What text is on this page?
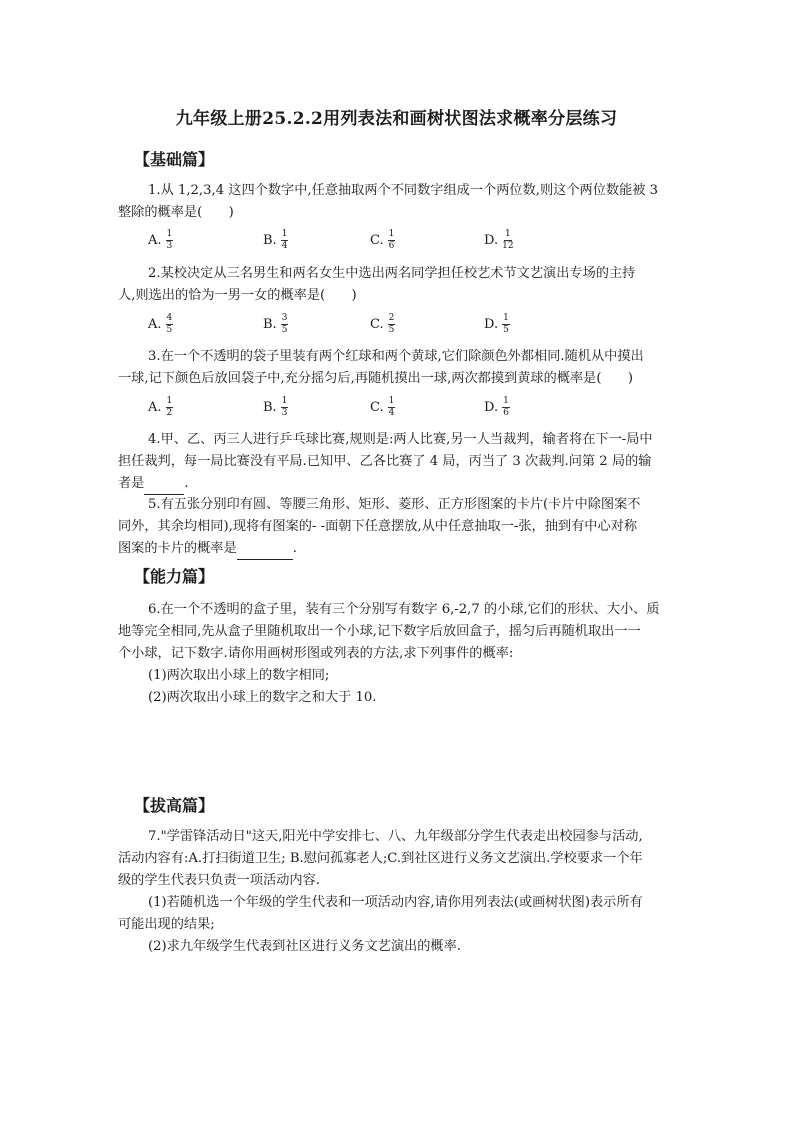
九年级上册25.2.2用列表法和画树状图法求概率分层练习
【基础篇】
1.从 1,2,3,4 这四个数字中,任意抽取两个不同数字组成一个两位数,则这个两位数能被 3
整除的概率是(　　)
A. $\frac{1}{3}$	B. $\frac{1}{4}$	C. $\frac{1}{6}$	D. $\frac{1}{12}$
2.某校决定从三名男生和两名女生中选出两名同学担任校艺术节文艺演出专场的主持
人,则选出的恰为一男一女的概率是(　　)
A. $\frac{4}{5}$	B. $\frac{3}{5}$	C. $\frac{2}{5}$	D. $\frac{1}{5}$
3.在一个不透明的袋子里装有两个红球和两个黄球,它们除颜色外都相同.随机从中摸出
一球,记下颜色后放回袋子中,充分摇匀后,再随机摸出一球,两次都摸到黄球的概率是(　　)
A. $\frac{1}{2}$	B. $\frac{1}{3}$	C. $\frac{1}{4}$	D. $\frac{1}{6}$
4.甲、乙、丙三人进行乒乓球比赛,规则是:两人比赛,另一人当裁判，输者将在下一-局中
担任裁判，每一局比赛没有平局.已知甲、乙各比赛了 4 局，丙当了 3 次裁判.问第 2 局的输
者是	.
5.有五张分别印有圆、等腰三角形、矩形、菱形、正方形图案的卡片(卡片中除图案不
同外，其余均相同),现将有图案的- -面朝下任意摆放,从中任意抽取一-张，抽到有中心对称
图案的卡片的概率是	.
【能力篇】
6.在一个不透明的盒子里，装有三个分别写有数字 6,-2,7 的小球,它们的形状、大小、质
地等完全相同,先从盒子里随机取出一个小球,记下数字后放回盒子，摇匀后再随机取出一一
个小球，记下数字.请你用画树形图或列表的方法,求下列事件的概率:
(1)两次取出小球上的数字相同;
(2)两次取出小球上的数字之和大于 10.
【拔高篇】
7."学雷锋活动日"这天,阳光中学安排七、八、九年级部分学生代表走出校园参与活动,
活动内容有:A.打扫街道卫生; B.慰问孤寡老人;C.到社区进行义务文艺演出.学校要求一个年
级的学生代表只负责一项活动内容.
(1)若随机选一个年级的学生代表和一项活动内容,请你用列表法(或画树状图)表示所有
可能出现的结果;
(2)求九年级学生代表到社区进行义务文艺演出的概率.
